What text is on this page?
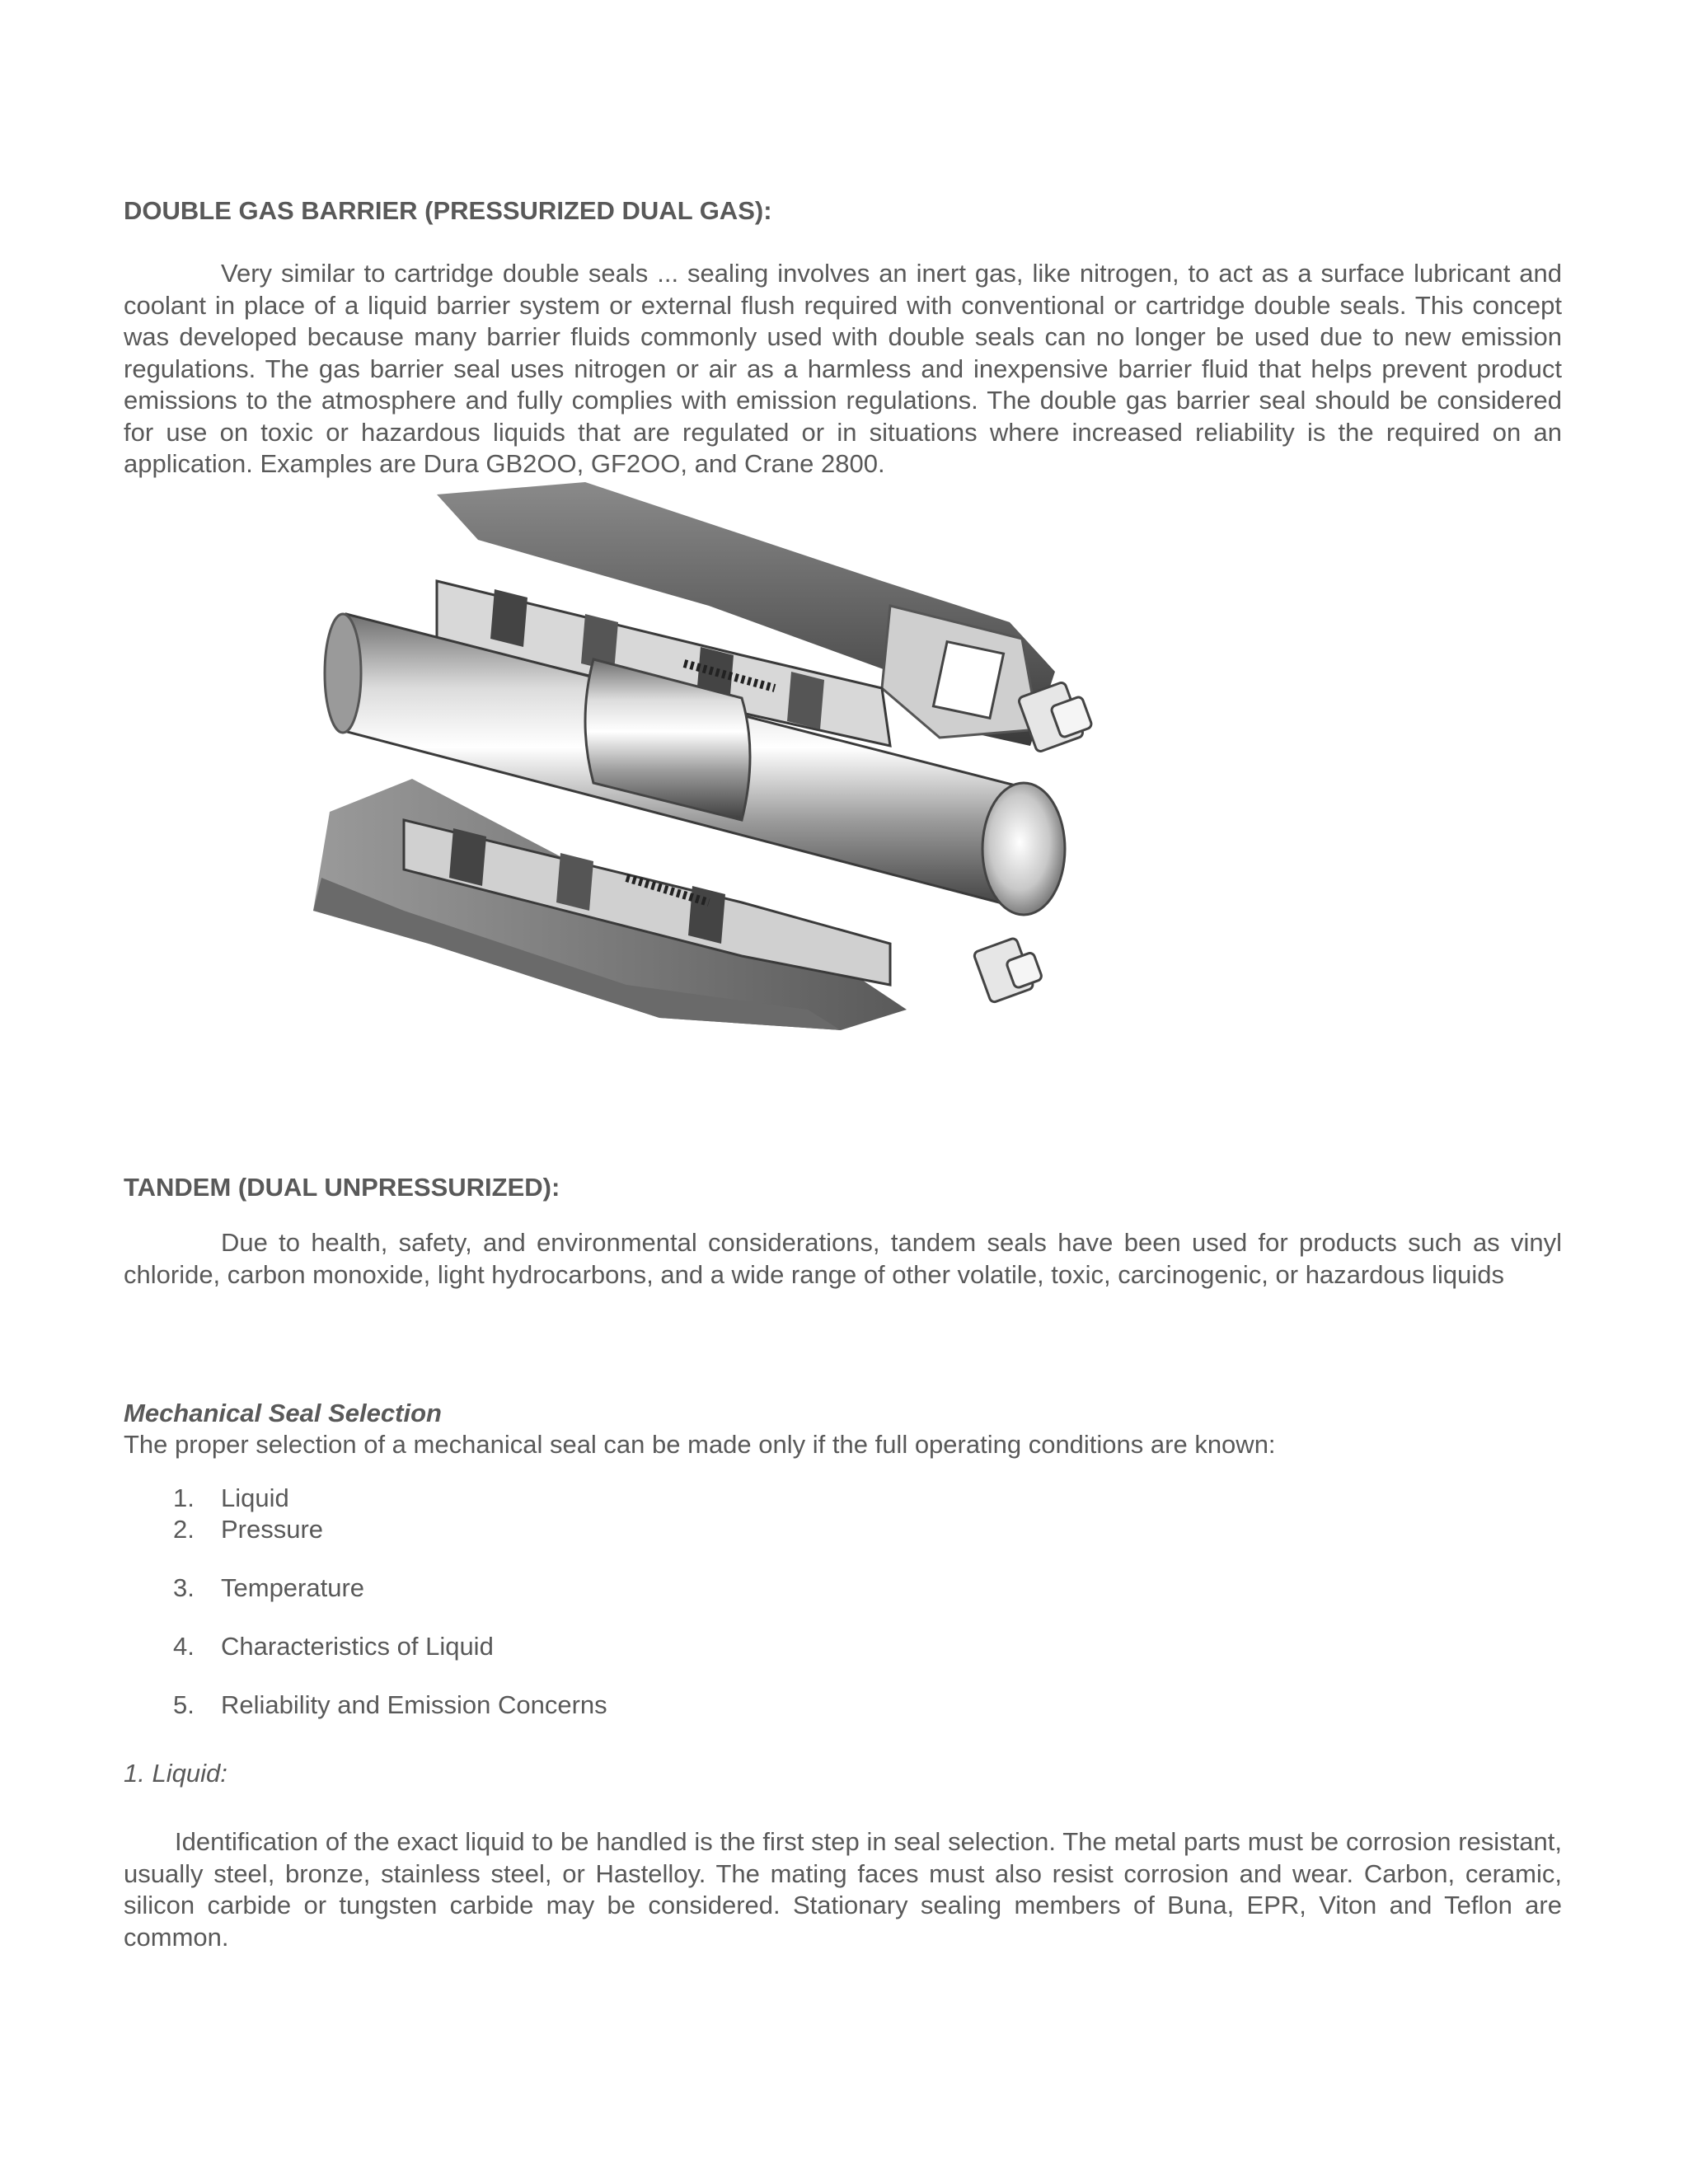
DOUBLE GAS BARRIER (PRESSURIZED DUAL GAS):

Very similar to cartridge double seals ... sealing involves an inert gas, like nitrogen, to act as a surface lubricant and coolant in place of a liquid barrier system or external flush required with conventional or cartridge double seals. This concept was developed because many barrier fluids commonly used with double seals can no longer be used due to new emission regulations. The gas barrier seal uses nitrogen or air as a harmless and inexpensive barrier fluid that helps prevent product emissions to the atmosphere and fully complies with emission regulations. The double gas barrier seal should be considered for use on toxic or hazardous liquids that are regulated or in situations where increased reliability is the required on an application. Examples are Dura GB2OO, GF2OO, and Crane 2800.

TANDEM (DUAL UNPRESSURIZED):

Due to health, safety, and environmental considerations, tandem seals have been used for products such as vinyl chloride, carbon monoxide, light hydrocarbons, and a wide range of other volatile, toxic, carcinogenic, or hazardous liquids

Mechanical Seal Selection

The proper selection of a mechanical seal can be made only if the full operating conditions are known:

1. Liquid
2. Pressure
3. Temperature
4. Characteristics of Liquid
5. Reliability and Emission Concerns

1. Liquid:

Identification of the exact liquid to be handled is the first step in seal selection. The metal parts must be corrosion resistant, usually steel, bronze, stainless steel, or Hastelloy. The mating faces must also resist corrosion and wear. Carbon, ceramic, silicon carbide or tungsten carbide may be considered. Stationary sealing members of Buna, EPR, Viton and Teflon are common.
